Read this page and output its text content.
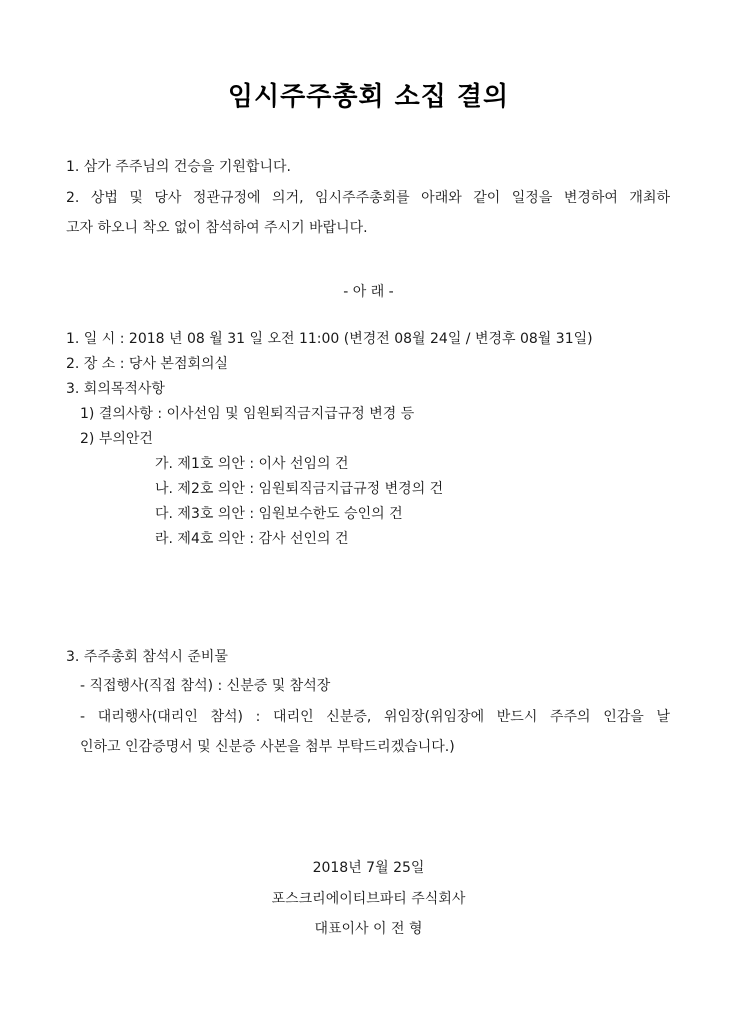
임시주주총회 소집 결의
1. 삼가 주주님의 건승을 기원합니다.
2. 상법 및 당사 정관규정에 의거, 임시주주총회를 아래와 같이 일정을 변경하여 개최하
고자 하오니 착오 없이 참석하여 주시기 바랍니다.
- 아 래 -
1. 일 시 : 2018 년 08 월 31 일 오전 11:00 (변경전 08월 24일 / 변경후 08월 31일)
2. 장 소 : 당사 본점회의실
3. 회의목적사항
1) 결의사항 : 이사선임 및 임원퇴직금지급규정 변경 등
2) 부의안건
가. 제1호 의안 : 이사 선임의 건
나. 제2호 의안 : 임원퇴직금지급규정 변경의 건
다. 제3호 의안 : 임원보수한도 승인의 건
라. 제4호 의안 : 감사 선인의 건
3. 주주총회 참석시 준비물
- 직접행사(직접 참석) : 신분증 및 참석장
- 대리행사(대리인 참석) : 대리인 신분증, 위임장(위임장에 반드시 주주의 인감을 날
인하고 인감증명서 및 신분증 사본을 첨부 부탁드리겠습니다.)
2018년 7월 25일
포스크리에이티브파티 주식회사
대표이사 이 전 형
